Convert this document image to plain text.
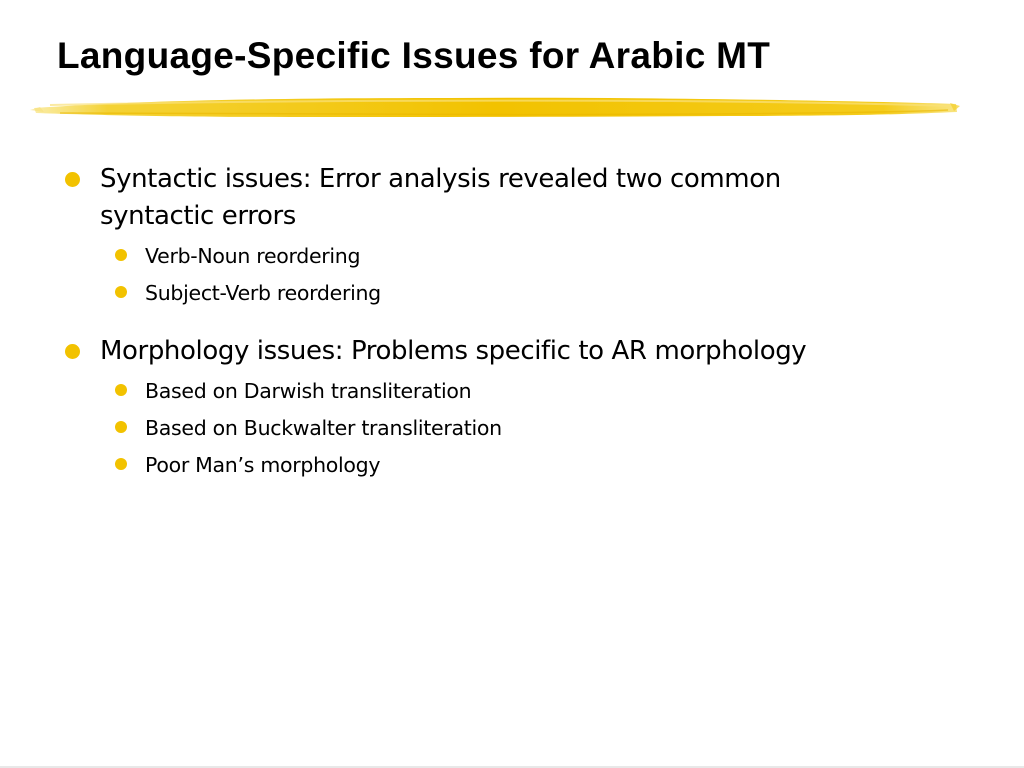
Language-Specific Issues for Arabic MT
Syntactic issues: Error analysis revealed two common
syntactic errors
Verb-Noun reordering
Subject-Verb reordering
Morphology issues: Problems specific to AR morphology
Based on Darwish transliteration
Based on Buckwalter transliteration
Poor Man’s morphology
